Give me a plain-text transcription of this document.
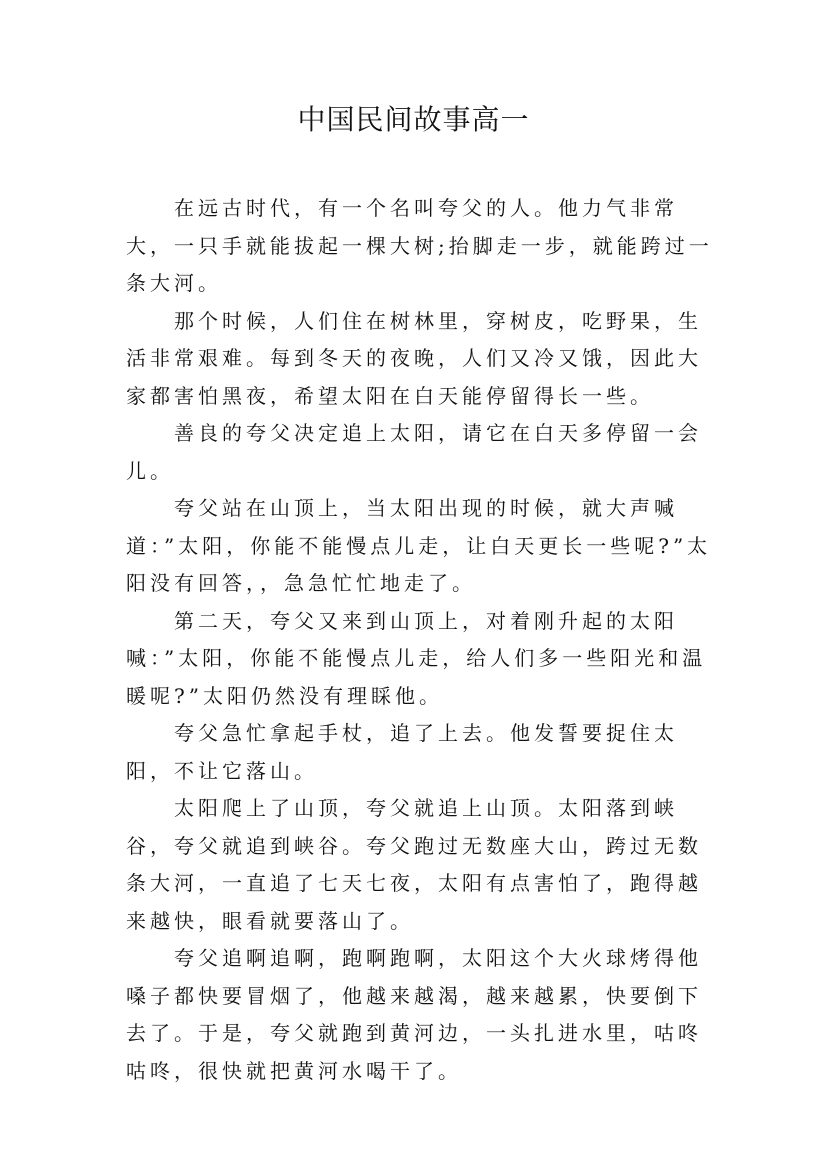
中国民间故事高一

在远古时代，有一个名叫夸父的人。他力气非常大，一只手就能拔起一棵大树;抬脚走一步，就能跨过一条大河。

那个时候，人们住在树林里，穿树皮，吃野果，生活非常艰难。每到冬天的夜晚，人们又冷又饿，因此大家都害怕黑夜，希望太阳在白天能停留得长一些。

善良的夸父决定追上太阳，请它在白天多停留一会儿。

夸父站在山顶上，当太阳出现的时候，就大声喊道：”太阳，你能不能慢点儿走，让白天更长一些呢?”太阳没有回答，，急急忙忙地走了。

第二天，夸父又来到山顶上，对着刚升起的太阳喊：”太阳，你能不能慢点儿走，给人们多一些阳光和温暖呢?”太阳仍然没有理睬他。

夸父急忙拿起手杖，追了上去。他发誓要捉住太阳，不让它落山。

太阳爬上了山顶，夸父就追上山顶。太阳落到峡谷，夸父就追到峡谷。夸父跑过无数座大山，跨过无数条大河，一直追了七天七夜，太阳有点害怕了，跑得越来越快，眼看就要落山了。

夸父追啊追啊，跑啊跑啊，太阳这个大火球烤得他嗓子都快要冒烟了，他越来越渴，越来越累，快要倒下去了。于是，夸父就跑到黄河边，一头扎进水里，咕咚咕咚，很快就把黄河水喝干了。
